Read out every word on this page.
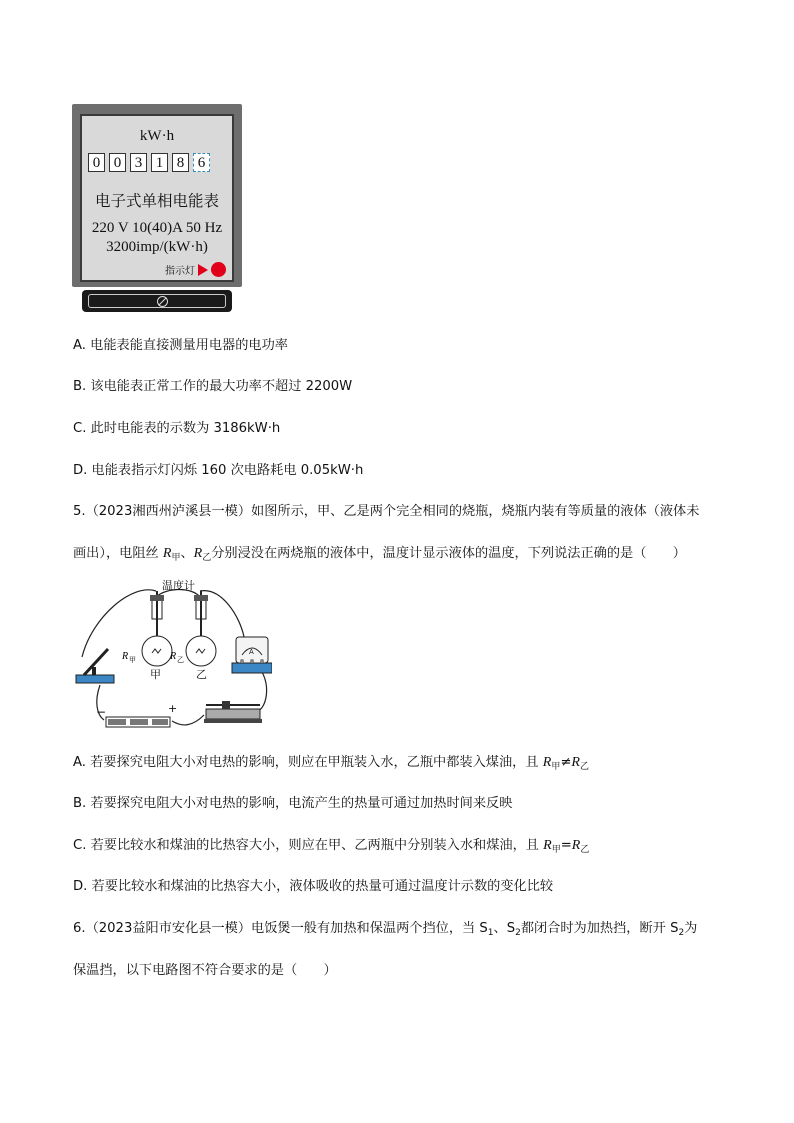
kW·h
0 0 3 1 8 6
电子式单相电能表
220 V 10(40)A 50 Hz
3200imp/(kW·h)
指示灯
A. 电能表能直接测量用电器的电功率
B. 该电能表正常工作的最大功率不超过 2200W
C. 此时电能表的示数为 3186kW·h
D. 电能表指示灯闪烁 160 次电路耗电 0.05kW·h
5.（2023湘西州泸溪县一模）如图所示，甲、乙是两个完全相同的烧瓶，烧瓶内装有等质量的液体（液体未
画出），电阻丝 $R_甲$、$R_乙$分别浸没在两烧瓶的液体中，温度计显示液体的温度，下列说法正确的是（　　）
温度计
R 甲	R 乙
甲	乙
A
−	+
A. 若要探究电阻大小对电热的影响，则应在甲瓶装入水，乙瓶中都装入煤油，且 $R_甲\ne R_乙$
B. 若要探究电阻大小对电热的影响，电流产生的热量可通过加热时间来反映
C. 若要比较水和煤油的比热容大小，则应在甲、乙两瓶中分别装入水和煤油，且 $R_甲=R_乙$
D. 若要比较水和煤油的比热容大小，液体吸收的热量可通过温度计示数的变化比较
6.（2023益阳市安化县一模）电饭煲一般有加热和保温两个挡位，当 $S_1$、$S_2$都闭合时为加热挡，断开 $S_2$为
保温挡，以下电路图不符合要求的是（　　）
